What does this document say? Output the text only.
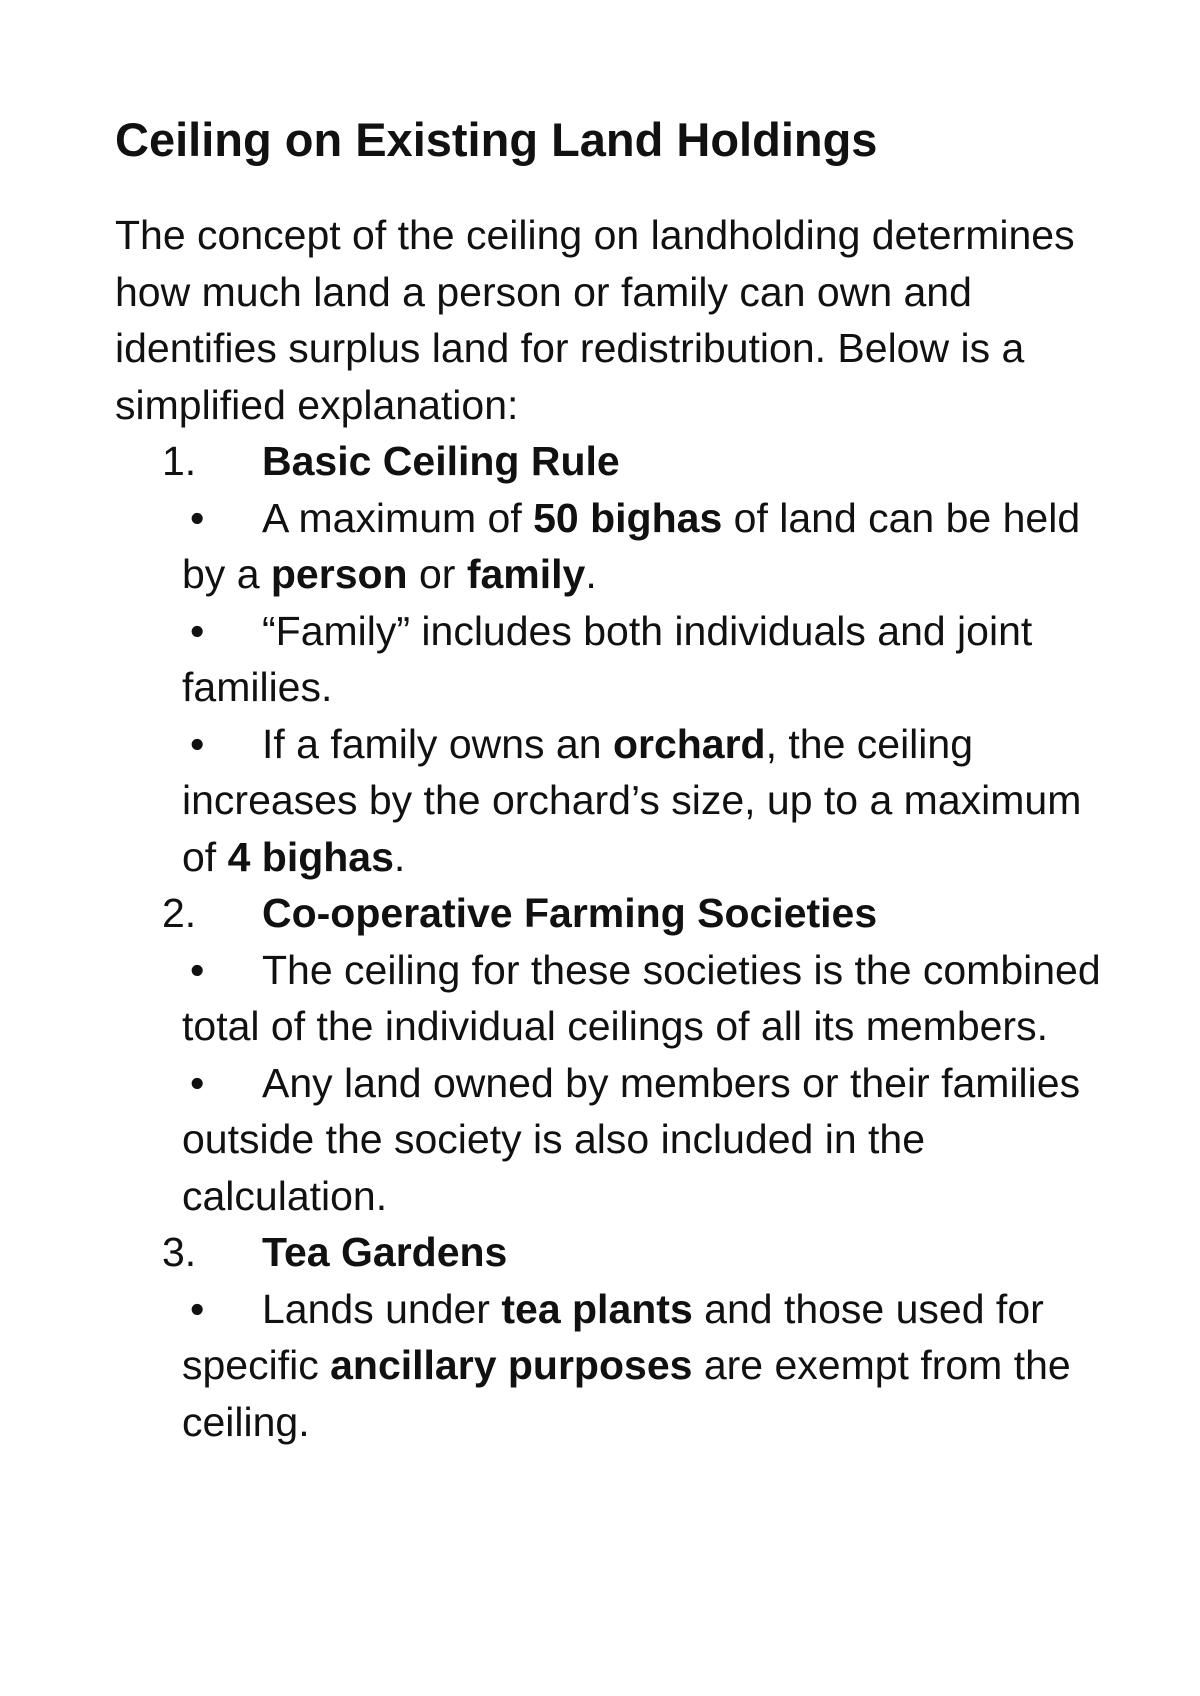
Ceiling on Existing Land Holdings

The concept of the ceiling on landholding determines how much land a person or family can own and identifies surplus land for redistribution. Below is a simplified explanation:

1.	Basic Ceiling Rule
• A maximum of 50 bighas of land can be held by a person or family.
• “Family” includes both individuals and joint families.
• If a family owns an orchard, the ceiling increases by the orchard’s size, up to a maximum of 4 bighas.
2.	Co-operative Farming Societies
• The ceiling for these societies is the combined total of the individual ceilings of all its members.
• Any land owned by members or their families outside the society is also included in the calculation.
3.	Tea Gardens
• Lands under tea plants and those used for specific ancillary purposes are exempt from the ceiling.
